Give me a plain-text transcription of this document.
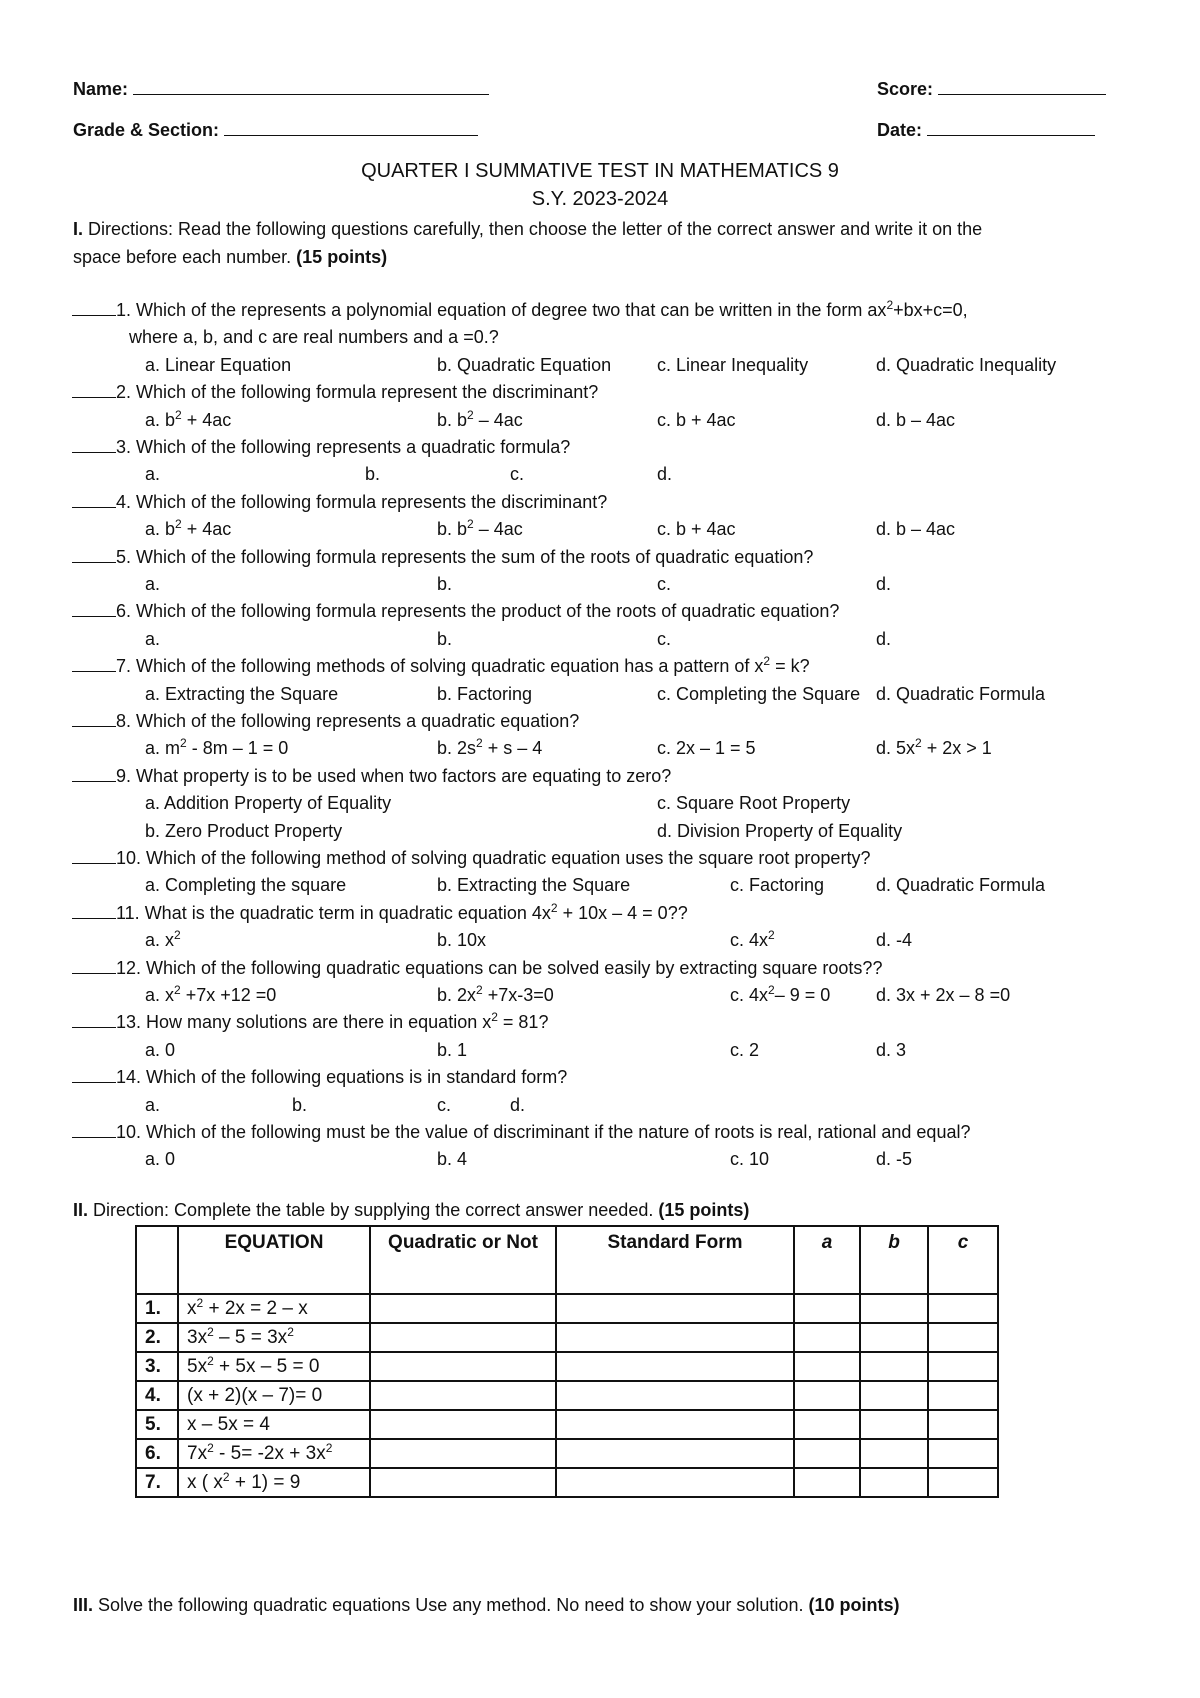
Name:	Score:
Grade & Section:	Date:
QUARTER I SUMMATIVE TEST IN MATHEMATICS 9
S.Y. 2023-2024
I. Directions: Read the following questions carefully, then choose the letter of the correct answer and write it on the
space before each number. (15 points)
1. Which of the represents a polynomial equation of degree two that can be written in the form $ax^2+bx+c=0$,
where a, b, and c are real numbers and a =0.?
a. Linear Equation	b. Quadratic Equation	c. Linear Inequality	d. Quadratic Inequality
2. Which of the following formula represent the discriminant?
a. $b^2 + 4ac$	b. $b^2 - 4ac$	c. b + 4ac	d. b – 4ac
3. Which of the following represents a quadratic formula?
a.	b.	c.	d.
4. Which of the following formula represents the discriminant?
a. $b^2 + 4ac$	b. $b^2 - 4ac$	c. b + 4ac	d. b – 4ac
5. Which of the following formula represents the sum of the roots of quadratic equation?
a.	b.	c.	d.
6. Which of the following formula represents the product of the roots of quadratic equation?
a.	b.	c.	d.
7. Which of the following methods of solving quadratic equation has a pattern of $x^2 = k$?
a. Extracting the Square	b. Factoring	c. Completing the Square d. Quadratic Formula
8. Which of the following represents a quadratic equation?
a. $m^2 - 8m - 1 = 0$	b. $2s^2 + s - 4$	c. 2x – 1 = 5	d. $5x^2 + 2x > 1$
9. What property is to be used when two factors are equating to zero?
a. Addition Property of Equality	c. Square Root Property
b. Zero Product Property	d. Division Property of Equality
10. Which of the following method of solving quadratic equation uses the square root property?
a. Completing the square	b. Extracting the Square	c. Factoring	d. Quadratic Formula
11. What is the quadratic term in quadratic equation $4x^2 + 10x - 4 = 0$??
a. $x^2$	b. 10x	c. $4x^2$	d. -4
12. Which of the following quadratic equations can be solved easily by extracting square roots??
a. $x^2 +7x +12 =0$	b. $2x^2 +7x-3=0$	c. $4x^2-$ 9 = 0	d. 3x + 2x – 8 =0
13. How many solutions are there in equation $x^2 = 81$?
a. 0	b. 1	c. 2	d. 3
14. Which of the following equations is in standard form?
a.	b.	c.	d.
10. Which of the following must be the value of discriminant if the nature of roots is real, rational and equal?
a. 0	b. 4	c. 10	d. -5
II. Direction: Complete the table by supplying the correct answer needed. (15 points)
	EQUATION	Quadratic or Not	Standard Form	a	b	c
1.	$x^2 + 2x = 2 - x$					
2.	$3x^2 - 5 = 3x^2$					
3.	$5x^2 + 5x - 5 = 0$					
4.	(x + 2)(x – 7)= 0					
5.	x – 5x = 4					
6.	$7x^2 - 5= -2x + 3x^2$					
7.	x ( $x^2 + 1) = 9$					
III. Solve the following quadratic equations Use any method. No need to show your solution. (10 points)
